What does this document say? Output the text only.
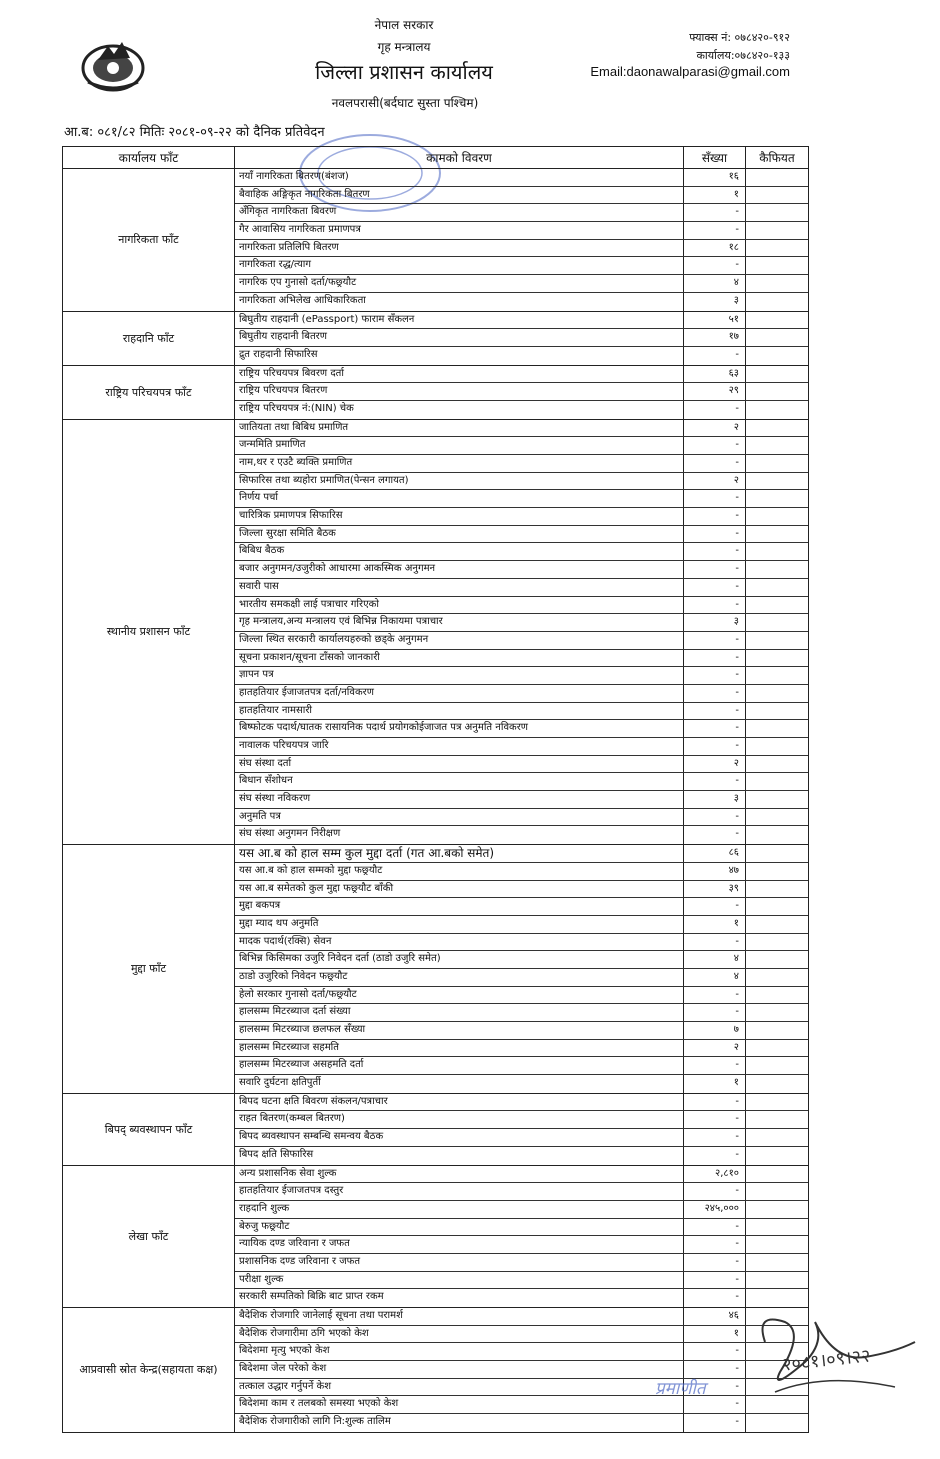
नेपाल सरकार
गृह मन्त्रालय
जिल्ला प्रशासन कार्यालय
नवलपरासी(बर्दघाट सुस्ता पश्चिम)
फ्याक्स नं: ०७८४२०-९१२
कार्यालय:०७८४२०-१३३
Email:daonawalparasi@gmail.com
आ.ब: ०८१/८२ मितिः २०८१-०९-२२ को दैनिक प्रतिवेदन
कार्यालय फाँट	कामको विवरण	सँख्या	कैफियत
नागरिकता फाँट
नयाँ नागरिकता बितरण(बंशज)	१६
बैवाहिक अङ्गिकृत नागरिकता बितरण	१
अँगिकृत नागरिकता बिवरण	-
गैर आवासिय नागरिकता प्रमाणपत्र	-
नागरिकता प्रतिलिपि बितरण	१८
नागरिकता रद्ध/त्याग	-
नागरिक एप गुनासो दर्ता/फछ्र्यौट	४
नागरिकता अभिलेख आधिकारिकता	३
राहदानि फाँट
बिघुतीय राहदानी (ePassport) फाराम सँकलन	५१
बिघुतीय राहदानी बितरण	१७
द्रुत राहदानी सिफारिस	-
राष्ट्रिय परिचयपत्र फाँट
राष्ट्रिय परिचयपत्र बिवरण दर्ता	६३
राष्ट्रिय परिचयपत्र बितरण	२९
राष्ट्रिय परिचयपत्र नं:(NIN) चेक	-
स्थानीय प्रशासन फाँट
जातियता तथा बिबिध प्रमाणित	२
जन्ममिति प्रमाणित	-
नाम,थर र एउटै ब्यक्ति प्रमाणित	-
सिफारिस तथा ब्यहोरा प्रमाणित(पेन्सन लगायत)	२
निर्णय पर्चा	-
चारित्रिक प्रमाणपत्र सिफारिस	-
जिल्ला सुरक्षा समिति बैठक	-
बिबिध बैठक	-
बजार अनुगमन/उजुरीको आधारमा आकस्मिक अनुगमन	-
सवारी पास	-
भारतीय समकक्षी लाई पत्राचार गरिएको	-
गृह मन्त्रालय,अन्य मन्त्रालय एवं बिभिन्न निकायमा पत्राचार	३
जिल्ला स्थित सरकारी कार्यालयहरुको छड्के अनुगमन	-
सूचना प्रकाशन/सूचना टाँसको जानकारी	-
ज्ञापन पत्र	-
हातहतियार ईजाजतपत्र दर्ता/नविकरण	-
हातहतियार नामसारी	-
बिष्फोटक पदार्थ/घातक रासायनिक पदार्थ प्रयोगकोईजाजत पत्र अनुमति नविकरण	-
नावालक परिचयपत्र जारि	-
संघ संस्था दर्ता	२
बिधान सँशोधन	-
संघ संस्था नविकरण	३
अनुमति पत्र	-
संघ संस्था अनुगमन निरीक्षण	-
मुद्दा फाँट
यस आ.ब को हाल सम्म कुल मुद्दा दर्ता (गत आ.बको समेत)	८६
यस आ.ब को हाल सम्मको मुद्दा फछ्र्यौट	४७
यस आ.ब समेतको कुल मुद्दा फछ्र्यौट बाँकी	३९
मुद्दा बकपत्र	-
मुद्दा म्याद थप अनुमति	१
मादक पदार्थ(रक्सि) सेवन	-
बिभिन्न किसिमका उजुरि निवेदन दर्ता (ठाडो उजुरि समेत)	४
ठाडो उजुरिको निवेदन फछ्र्यौट	४
हेलो सरकार गुनासो दर्ता/फछ्र्यौट	-
हालसम्म मिटरब्याज दर्ता संख्या	-
हालसम्म मिटरब्याज छलफल सँख्या	७
हालसम्म मिटरब्याज सहमति	२
हालसम्म मिटरब्याज असहमति दर्ता	-
सवारि दुर्घटना क्षतिपुर्ती	१
बिपद् ब्यवस्थापन फाँट
बिपद घटना क्षति बिवरण संकलन/पत्राचार	-
राहत बितरण(कम्बल बितरण)	-
बिपद ब्यवस्थापन सम्बन्धि समन्वय बैठक	-
बिपद क्षति सिफारिस	-
लेखा फाँट
अन्य प्रशासनिक सेवा शुल्क	२,८१०
हातहतियार ईजाजतपत्र दस्तुर	-
राहदानि शुल्क	२४५,०००
बेरुजु फछ्र्यौट	-
न्यायिक दण्ड जरिवाना र जफत	-
प्रशासनिक दण्ड जरिवाना र जफत	-
परीक्षा शुल्क	-
सरकारी सम्पतिको बिक्रि बाट प्राप्त रकम	-
आप्रवासी स्रोत केन्द्र(सहायता कक्ष)
बैदेशिक रोजगारि जानेलाई सूचना तथा परामर्श	४६
बैदेशिक रोजगारीमा ठगि भएको केश	१
बिदेशमा मृत्यु भएको केश	-
बिदेशमा जेल परेको केश	-
तत्काल उद्धार गर्नुपर्ने केश	-
बिदेशमा काम र तलबको समस्या भएको केश	-
बैदेशिक रोजगारीको लागि नि:शुल्क तालिम	-
प्रमाणीत
२०८१।०९।२२
